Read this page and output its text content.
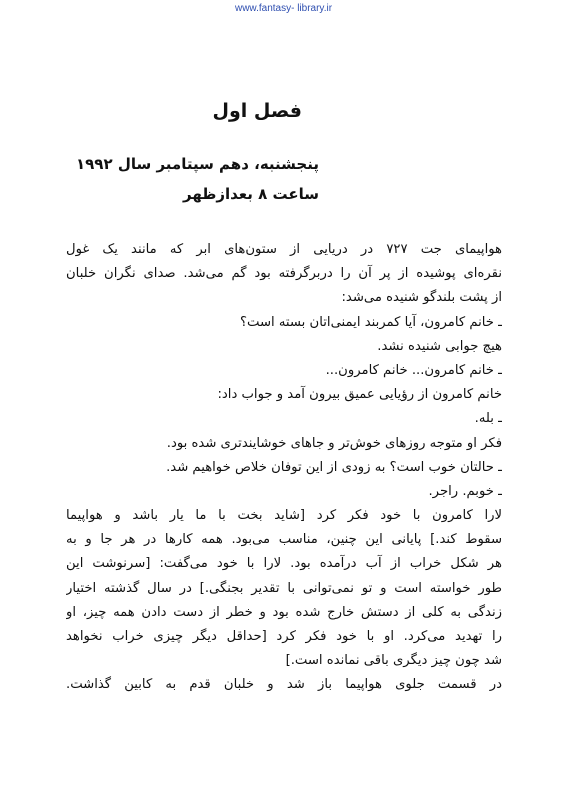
www.fantasy- library.ir
فصل اول
پنجشنبه، دهم سپتامبر سال ۱۹۹۲
ساعت ۸ بعدازظهر
هواپیمای جت ۷۲۷ در دریایی از ستون‌های ابر که مانند یک غول
نقره‌ای پوشیده از پر آن را دربرگرفته بود گم می‌شد. صدای نگران خلبان
از پشت بلندگو شنیده می‌شد:
ـ خانم کامرون، آیا کمربند ایمنی‌اتان بسته است؟
هیچ جوابی شنیده نشد.
ـ خانم کامرون... خانم کامرون...
خانم کامرون از رؤیایی عمیق بیرون آمد و جواب داد:
ـ بله.
فکر او متوجه روزهای خوش‌تر و جاهای خوشایندتری شده بود.
ـ حالتان خوب است؟ به زودی از این توفان خلاص خواهیم شد.
ـ خوبم. راجر.
لارا کامرون با خود فکر کرد [شاید بخت با ما یار باشد و هواپیما
سقوط کند.] پایانی این چنین، مناسب می‌بود. همه کارها در هر جا و به
هر شکل خراب از آب درآمده بود. لارا با خود می‌گفت: [سرنوشت این
طور خواسته است و تو نمی‌توانی با تقدیر بجنگی.] در سال گذشته اختیار
زندگی به کلی از دستش خارج شده بود و خطر از دست دادن همه چیز، او
را تهدید می‌کرد. او با خود فکر کرد [حداقل دیگر چیزی خراب نخواهد
شد چون چیز دیگری باقی نمانده است.]
در قسمت جلوی هواپیما باز شد و خلبان قدم به کابین گذاشت.
